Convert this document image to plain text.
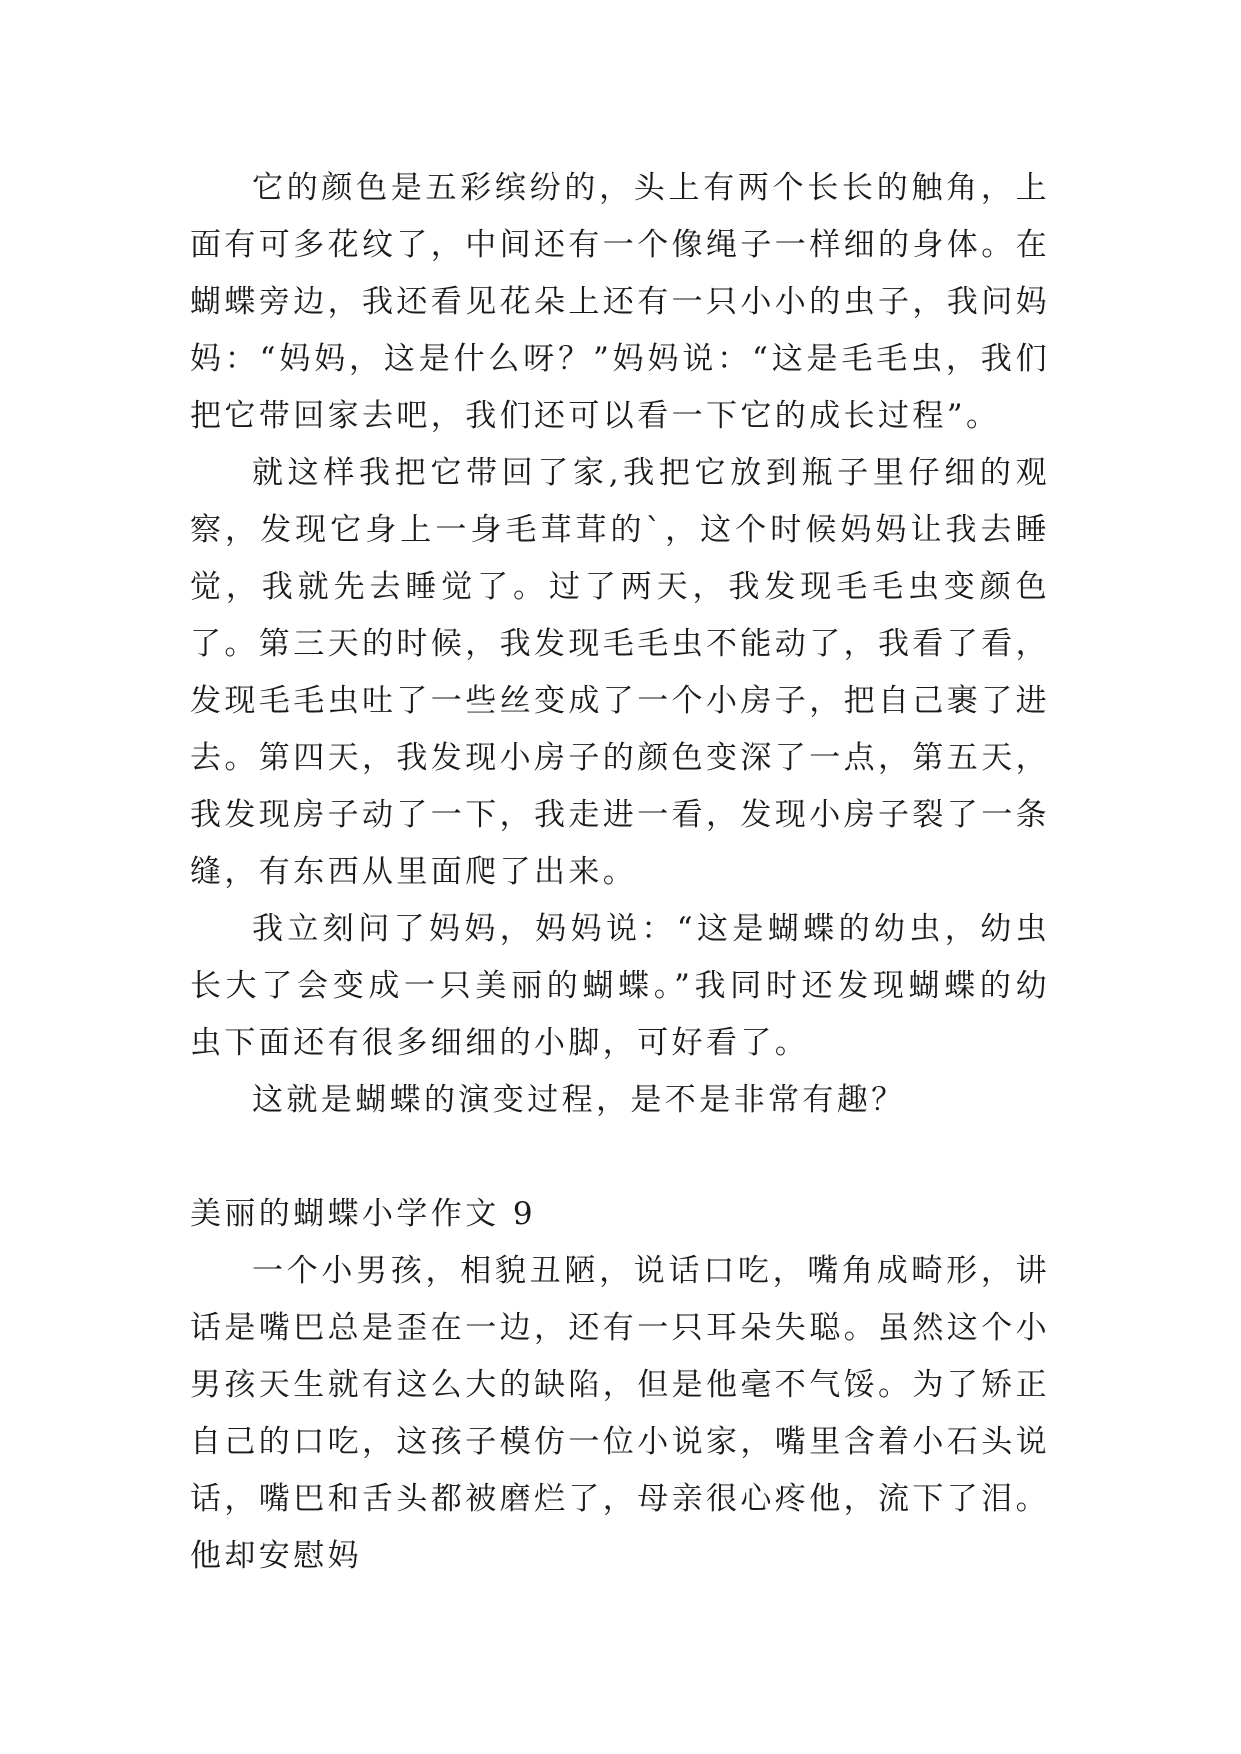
它的颜色是五彩缤纷的，头上有两个长长的触角，上面有可多花纹了，中间还有一个像绳子一样细的身体。在蝴蝶旁边，我还看见花朵上还有一只小小的虫子，我问妈妈：“妈妈，这是什么呀？”妈妈说：“这是毛毛虫，我们把它带回家去吧，我们还可以看一下它的成长过程”。

就这样我把它带回了家,我把它放到瓶子里仔细的观察，发现它身上一身毛茸茸的`，这个时候妈妈让我去睡觉，我就先去睡觉了。过了两天，我发现毛毛虫变颜色了。第三天的时候，我发现毛毛虫不能动了，我看了看，发现毛毛虫吐了一些丝变成了一个小房子，把自己裹了进去。第四天，我发现小房子的颜色变深了一点，第五天，我发现房子动了一下，我走进一看，发现小房子裂了一条缝，有东西从里面爬了出来。

我立刻问了妈妈，妈妈说：“这是蝴蝶的幼虫，幼虫长大了会变成一只美丽的蝴蝶。”我同时还发现蝴蝶的幼虫下面还有很多细细的小脚，可好看了。

这就是蝴蝶的演变过程，是不是非常有趣？

美丽的蝴蝶小学作文 9

一个小男孩，相貌丑陋，说话口吃，嘴角成畸形，讲话是嘴巴总是歪在一边，还有一只耳朵失聪。虽然这个小男孩天生就有这么大的缺陷，但是他毫不气馁。为了矫正自己的口吃，这孩子模仿一位小说家，嘴里含着小石头说话，嘴巴和舌头都被磨烂了，母亲很心疼他，流下了泪。他却安慰妈
